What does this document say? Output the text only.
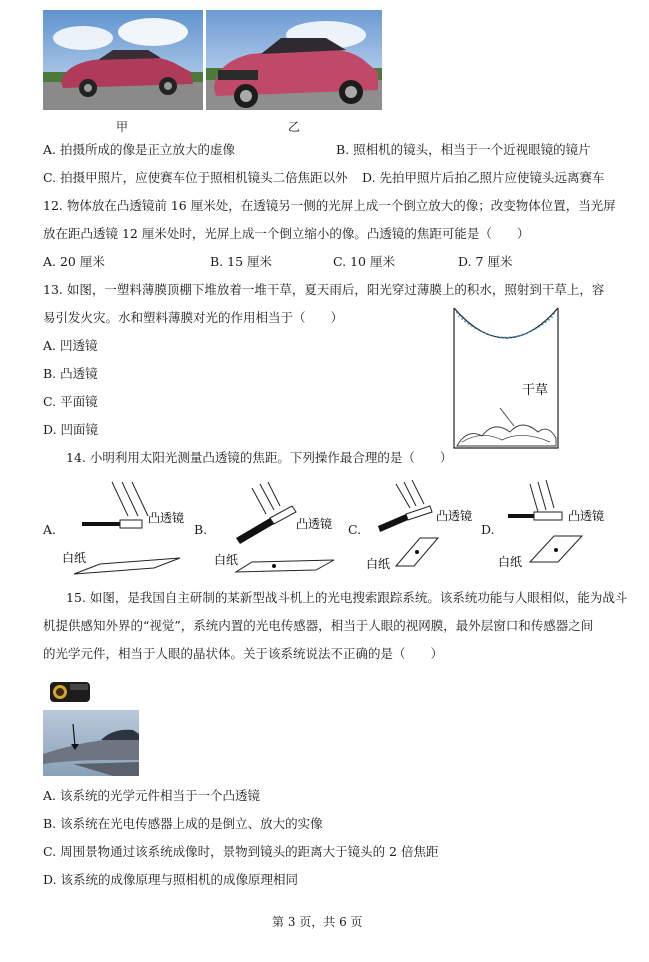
甲	乙
A. 拍摄所成的像是正立放大的虚像	B. 照相机的镜头，相当于一个近视眼镜的镜片
C. 拍摄甲照片，应使赛车位于照相机镜头二倍焦距以外 D. 先拍甲照片后拍乙照片应使镜头远离赛车
12. 物体放在凸透镜前 16 厘米处，在透镜另一侧的光屏上成一个倒立放大的像；改变物体位置，当光屏
放在距凸透镜 12 厘米处时，光屏上成一个倒立缩小的像。凸透镜的焦距可能是（　　）
A. 20 厘米	B. 15 厘米	C. 10 厘米	D. 7 厘米
13. 如图，一塑料薄膜顶棚下堆放着一堆干草，夏天雨后，阳光穿过薄膜上的积水，照射到干草上，容
易引发火灾。水和塑料薄膜对光的作用相当于（　　）
A. 凹透镜
B. 凸透镜
C. 平面镜
D. 凹面镜
干草
14. 小明利用太阳光测量凸透镜的焦距。下列操作最合理的是（　　）
A.
凸透镜
白纸
B.	凸透镜
白纸
C.
凸透镜
白纸
D.
凸透镜
白纸
15. 如图，是我国自主研制的某新型战斗机上的光电搜索跟踪系统。该系统功能与人眼相似，能为战斗
机提供感知外界的“视觉”，系统内置的光电传感器，相当于人眼的视网膜，最外层窗口和传感器之间
的光学元件，相当于人眼的晶状体。关于该系统说法不正确的是（　　）
A. 该系统的光学元件相当于一个凸透镜
B. 该系统在光电传感器上成的是倒立、放大的实像
C. 周围景物通过该系统成像时，景物到镜头的距离大于镜头的 2 倍焦距
D. 该系统的成像原理与照相机的成像原理相同
第 3 页，共 6 页
